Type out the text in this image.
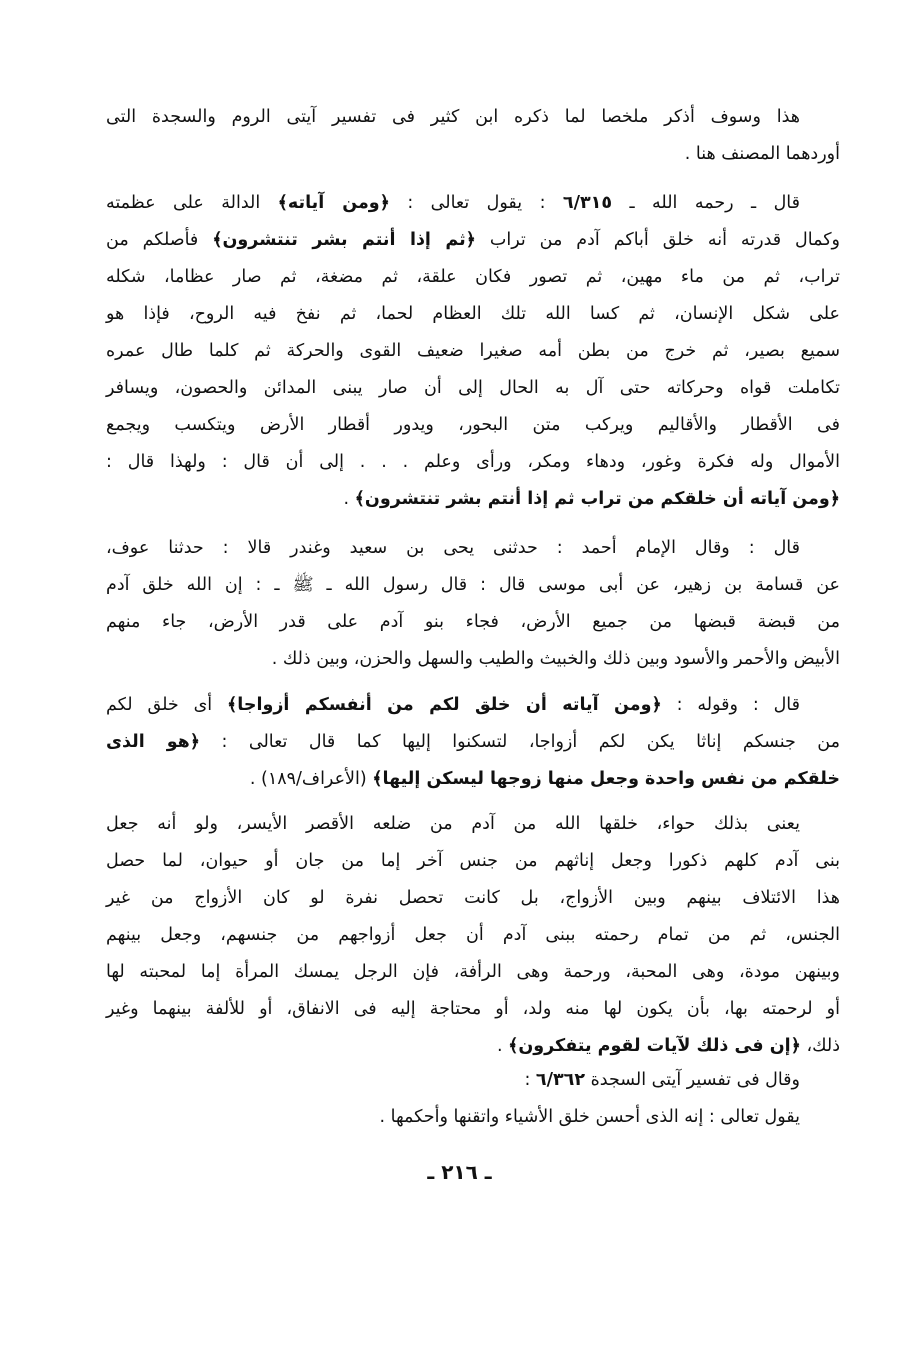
هذا وسوف أذكر ملخصا لما ذكره ابن كثير فى تفسير آيتى الروم والسجدة التى
أوردهما المصنف هنا .
قال ـ رحمه الله ـ ٦/٣١٥ : يقول تعالى : ﴿ومن آياته﴾ الدالة على عظمته
وكمال قدرته أنه خلق أباكم آدم من تراب ﴿ثم إذا أنتم بشر تنتشرون﴾ فأصلكم من
تراب، ثم من ماء مهين، ثم تصور فكان علقة، ثم مضغة، ثم صار عظاما، شكله
على شكل الإنسان، ثم كسا الله تلك العظام لحما، ثم نفخ فيه الروح، فإذا هو
سميع بصير، ثم خرج من بطن أمه صغيرا ضعيف القوى والحركة ثم كلما طال عمره
تكاملت قواه وحركاته حتى آل به الحال إلى أن صار يبنى المدائن والحصون، ويسافر
فى الأقطار والأقاليم ويركب متن البحور، ويدور أقطار الأرض ويتكسب ويجمع
الأموال وله فكرة وغور، ودهاء ومكر، ورأى وعلم . . . إلى أن قال : ولهذا قال :
﴿ومن آياته أن خلقكم من تراب ثم إذا أنتم بشر تنتشرون﴾ .
قال : وقال الإمام أحمد : حدثنى يحى بن سعيد وغندر قالا : حدثنا عوف،
عن قسامة بن زهير، عن أبى موسى قال : قال رسول الله ـ ﷺ ـ : إن الله خلق آدم
من قبضة قبضها من جميع الأرض، فجاء بنو آدم على قدر الأرض، جاء منهم
الأبيض والأحمر والأسود وبين ذلك والخبيث والطيب والسهل والحزن، وبين ذلك .
قال : وقوله : ﴿ومن آياته أن خلق لكم من أنفسكم أزواجا﴾ أى خلق لكم
من جنسكم إناثا يكن لكم أزواجا، لتسكنوا إليها كما قال تعالى : ﴿هو الذى
خلقكم من نفس واحدة وجعل منها زوجها ليسكن إليها﴾ (الأعراف/١٨٩) .
يعنى بذلك حواء، خلقها الله من آدم من ضلعه الأقصر الأيسر، ولو أنه جعل
بنى آدم كلهم ذكورا وجعل إناثهم من جنس آخر إما من جان أو حيوان، لما حصل
هذا الائتلاف بينهم وبين الأزواج، بل كانت تحصل نفرة لو كان الأزواج من غير
الجنس، ثم من تمام رحمته ببنى آدم أن جعل أزواجهم من جنسهم، وجعل بينهم
وبينهن مودة، وهى المحبة، ورحمة وهى الرأفة، فإن الرجل يمسك المرأة إما لمحبته لها
أو لرحمته بها، بأن يكون لها منه ولد، أو محتاجة إليه فى الانفاق، أو للألفة بينهما وغير
ذلك، ﴿إن فى ذلك لآيات لقوم يتفكرون﴾ .
وقال فى تفسير آيتى السجدة ٦/٣٦٢ :
يقول تعالى : إنه الذى أحسن خلق الأشياء واتقنها وأحكمها .
ـ ٢١٦ ـ
